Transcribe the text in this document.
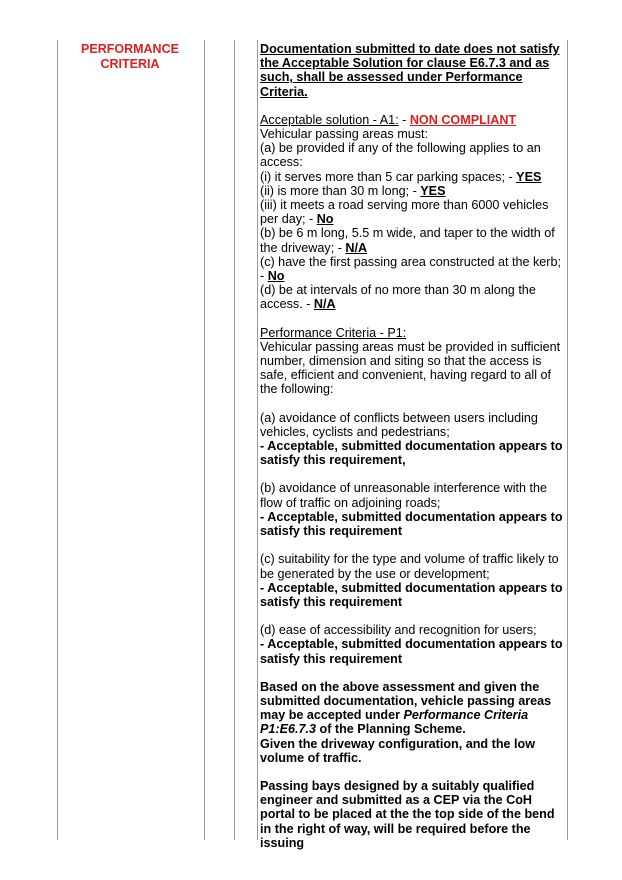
PERFORMANCE
CRITERIA

Documentation submitted to date does not satisfy the Acceptable Solution for clause E6.7.3 and as such, shall be assessed under Performance Criteria.

Acceptable solution - A1: - NON COMPLIANT

Vehicular passing areas must:

(a) be provided if any of the following applies to an access:

(i) it serves more than 5 car parking spaces; - YES

(ii) is more than 30 m long; - YES

(iii) it meets a road serving more than 6000 vehicles per day; - No

(b) be 6 m long, 5.5 m wide, and taper to the width of the driveway; - N/A

(c) have the first passing area constructed at the kerb; - No

(d) be at intervals of no more than 30 m along the access. - N/A

Performance Criteria - P1:

Vehicular passing areas must be provided in sufficient number, dimension and siting so that the access is safe, efficient and convenient, having regard to all of the following:

(a) avoidance of conflicts between users including vehicles, cyclists and pedestrians;

- Acceptable, submitted documentation appears to satisfy this requirement,

(b) avoidance of unreasonable interference with the flow of traffic on adjoining roads;

- Acceptable, submitted documentation appears to satisfy this requirement

(c) suitability for the type and volume of traffic likely to be generated by the use or development;

- Acceptable, submitted documentation appears to satisfy this requirement

(d) ease of accessibility and recognition for users;

- Acceptable, submitted documentation appears to satisfy this requirement

Based on the above assessment and given the submitted documentation, vehicle passing areas may be accepted under Performance Criteria P1:E6.7.3 of the Planning Scheme.

Given the driveway configuration, and the low volume of traffic.

Passing bays designed by a suitably qualified engineer and submitted as a CEP via the CoH portal to be placed at the the top side of the bend in the right of way, will be required before the issuing
